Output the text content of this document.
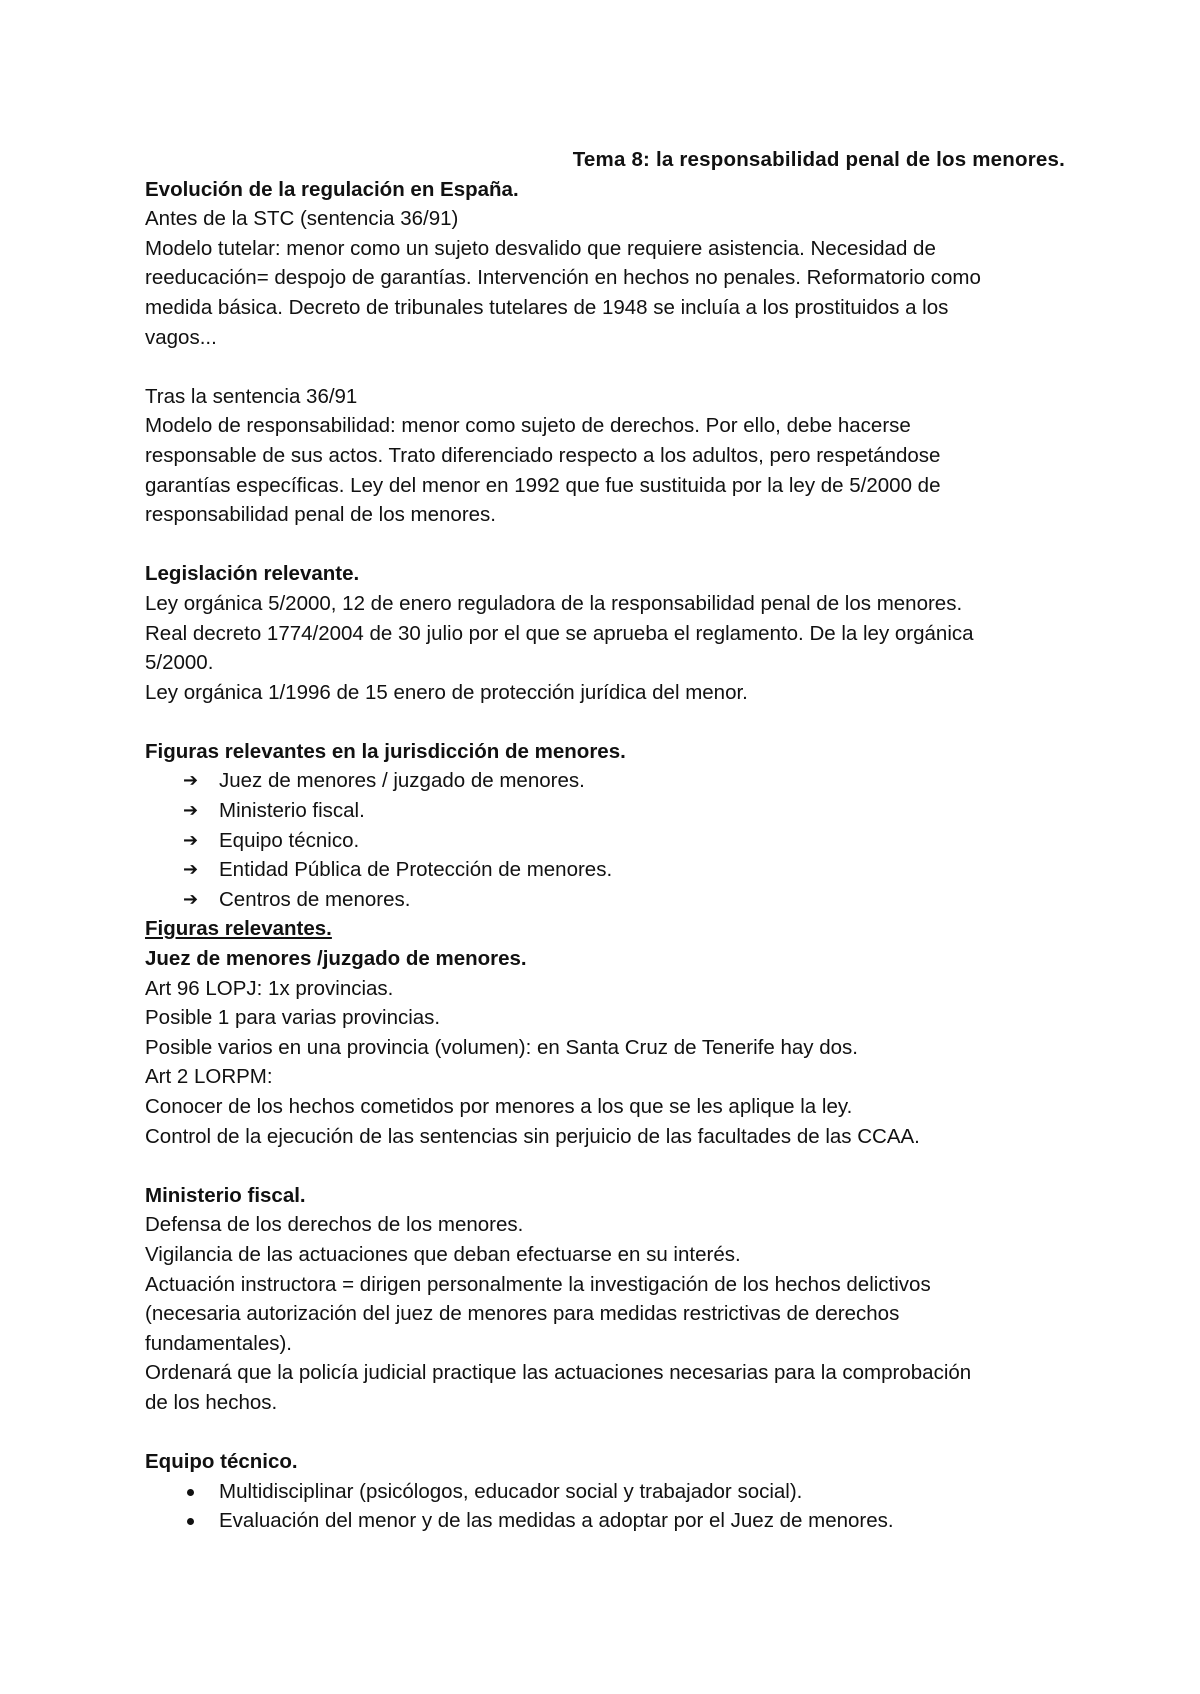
Tema 8: la responsabilidad penal de los menores.
Evolución de la regulación en España.
Antes de la STC (sentencia 36/91)
Modelo tutelar: menor como un sujeto desvalido que requiere asistencia. Necesidad de
reeducación= despojo de garantías. Intervención en hechos no penales. Reformatorio como
medida básica. Decreto de tribunales tutelares de 1948 se incluía a los prostituidos a los
vagos...
Tras la sentencia 36/91
Modelo de responsabilidad: menor como sujeto de derechos. Por ello, debe hacerse
responsable de sus actos. Trato diferenciado respecto a los adultos, pero respetándose
garantías específicas. Ley del menor en 1992 que fue sustituida por la ley de 5/2000 de
responsabilidad penal de los menores.
Legislación relevante.
Ley orgánica 5/2000, 12 de enero reguladora de la responsabilidad penal de los menores.
Real decreto 1774/2004 de 30 julio por el que se aprueba el reglamento. De la ley orgánica
5/2000.
Ley orgánica 1/1996 de 15 enero de protección jurídica del menor.
Figuras relevantes en la jurisdicción de menores.
➔ Juez de menores / juzgado de menores.
➔ Ministerio fiscal.
➔ Equipo técnico.
➔ Entidad Pública de Protección de menores.
➔ Centros de menores.
Figuras relevantes.
Juez de menores /juzgado de menores.
Art 96 LOPJ: 1x provincias.
Posible 1 para varias provincias.
Posible varios en una provincia (volumen): en Santa Cruz de Tenerife hay dos.
Art 2 LORPM:
Conocer de los hechos cometidos por menores a los que se les aplique la ley.
Control de la ejecución de las sentencias sin perjuicio de las facultades de las CCAA.
Ministerio fiscal.
Defensa de los derechos de los menores.
Vigilancia de las actuaciones que deban efectuarse en su interés.
Actuación instructora = dirigen personalmente la investigación de los hechos delictivos
(necesaria autorización del juez de menores para medidas restrictivas de derechos
fundamentales).
Ordenará que la policía judicial practique las actuaciones necesarias para la comprobación
de los hechos.
Equipo técnico.
Multidisciplinar (psicólogos, educador social y trabajador social).
Evaluación del menor y de las medidas a adoptar por el Juez de menores.
